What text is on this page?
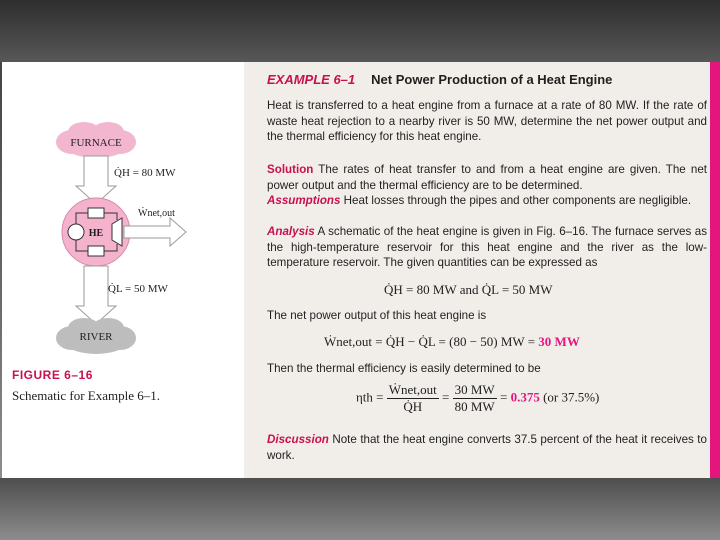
FURNACE
Q̇H = 80 MW
HE
Ẇnet,out
Q̇L = 50 MW
RIVER
FIGURE 6–16
Schematic for Example 6–1.
EXAMPLE 6–1 Net Power Production of a Heat Engine
Heat is transferred to a heat engine from a furnace at a rate of 80 MW. If the rate of waste heat rejection to a nearby river is 50 MW, determine the net power output and the thermal efficiency for this heat engine.
Solution The rates of heat transfer to and from a heat engine are given. The net power output and the thermal efficiency are to be determined.
Assumptions Heat losses through the pipes and other components are negligible.
Analysis A schematic of the heat engine is given in Fig. 6–16. The furnace serves as the high-temperature reservoir for this heat engine and the river as the low-temperature reservoir. The given quantities can be expressed as
Q̇H = 80 MW and Q̇L = 50 MW
The net power output of this heat engine is
Ẇnet,out = Q̇H − Q̇L = (80 − 50) MW = 30 MW
Then the thermal efficiency is easily determined to be
$\eta th = \frac{\text{Ẇnet,out}}{Q̇H} = \frac{30 MW}{80 MW} = 0.375$ (or 37.5%)
Discussion Note that the heat engine converts 37.5 percent of the heat it receives to work.
